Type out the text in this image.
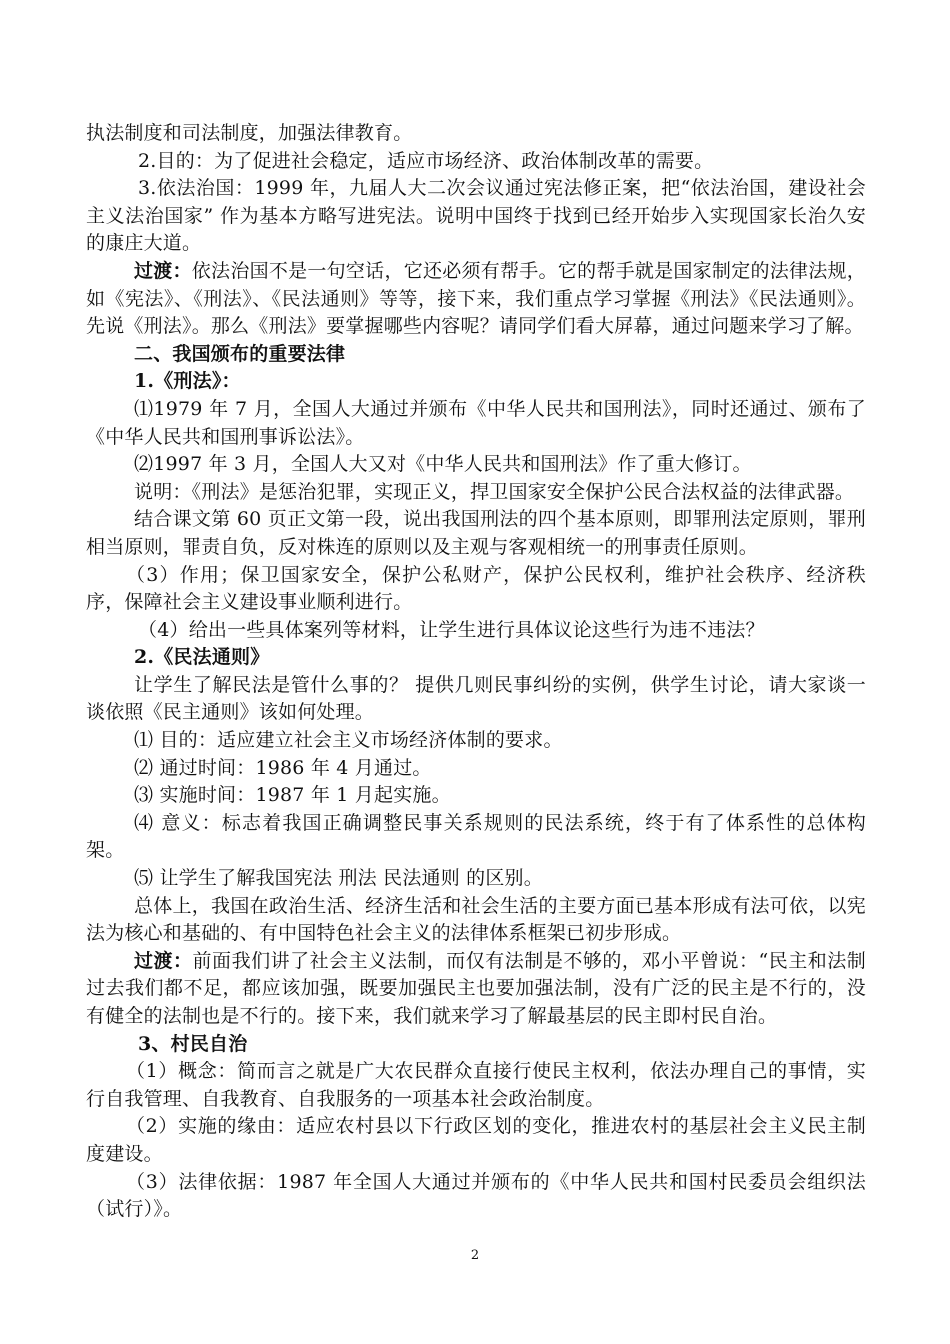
执法制度和司法制度，加强法律教育。

2.目的：为了促进社会稳定，适应市场经济、政治体制改革的需要。

3.依法治国：1999 年，九届人大二次会议通过宪法修正案，把“依法治国，建设社会主义法治国家” 作为基本方略写进宪法。说明中国终于找到已经开始步入实现国家长治久安的康庄大道。

过渡：依法治国不是一句空话，它还必须有帮手。它的帮手就是国家制定的法律法规，如《宪法》、《刑法》、《民法通则》等等，接下来，我们重点学习掌握《刑法》《民法通则》。先说《刑法》。那么《刑法》要掌握哪些内容呢？请同学们看大屏幕，通过问题来学习了解。

二、我国颁布的重要法律

1.《刑法》：

⑴1979 年 7 月，全国人大通过并颁布《中华人民共和国刑法》，同时还通过、颁布了《中华人民共和国刑事诉讼法》。

⑵1997 年 3 月，全国人大又对《中华人民共和国刑法》作了重大修订。

说明：《刑法》是惩治犯罪，实现正义，捍卫国家安全保护公民合法权益的法律武器。

结合课文第 60 页正文第一段，说出我国刑法的四个基本原则，即罪刑法定原则，罪刑相当原则，罪责自负，反对株连的原则以及主观与客观相统一的刑事责任原则。

（3）作用；保卫国家安全，保护公私财产，保护公民权利，维护社会秩序、经济秩序，保障社会主义建设事业顺利进行。

（4）给出一些具体案列等材料，让学生进行具体议论这些行为违不违法？

2.《民法通则》

让学生了解民法是管什么事的？ 提供几则民事纠纷的实例，供学生讨论，请大家谈一谈依照《民主通则》该如何处理。

⑴ 目的：适应建立社会主义市场经济体制的要求。

⑵ 通过时间：1986 年 4 月通过。

⑶ 实施时间：1987 年 1 月起实施。

⑷ 意义：标志着我国正确调整民事关系规则的民法系统，终于有了体系性的总体构架。

⑸ 让学生了解我国宪法 刑法 民法通则 的区别。

总体上，我国在政治生活、经济生活和社会生活的主要方面已基本形成有法可依，以宪法为核心和基础的、有中国特色社会主义的法律体系框架已初步形成。

过渡：前面我们讲了社会主义法制，而仅有法制是不够的，邓小平曾说：“民主和法制过去我们都不足，都应该加强，既要加强民主也要加强法制，没有广泛的民主是不行的，没有健全的法制也是不行的。接下来，我们就来学习了解最基层的民主即村民自治。

3、村民自治

（1）概念：简而言之就是广大农民群众直接行使民主权利，依法办理自己的事情，实行自我管理、自我教育、自我服务的一项基本社会政治制度。

（2）实施的缘由：适应农村县以下行政区划的变化，推进农村的基层社会主义民主制度建设。

（3）法律依据：1987 年全国人大通过并颁布的《中华人民共和国村民委员会组织法（试行）》。

2
